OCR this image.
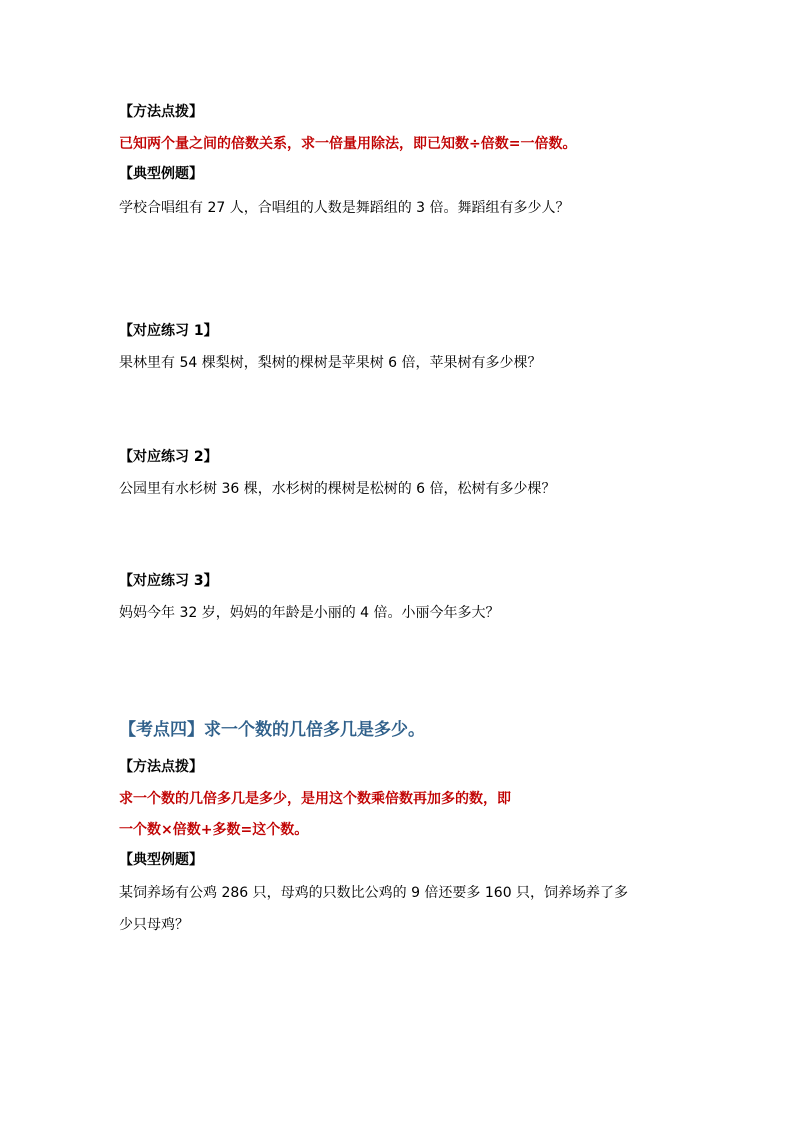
【方法点拨】

已知两个量之间的倍数关系，求一倍量用除法，即已知数÷倍数=一倍数。

【典型例题】

学校合唱组有 27 人，合唱组的人数是舞蹈组的 3 倍。舞蹈组有多少人？

【对应练习 1】

果林里有 54 棵梨树，梨树的棵树是苹果树 6 倍，苹果树有多少棵？

【对应练习 2】

公园里有水杉树 36 棵，水杉树的棵树是松树的 6 倍，松树有多少棵？

【对应练习 3】

妈妈今年 32 岁，妈妈的年龄是小丽的 4 倍。小丽今年多大？

【考点四】求一个数的几倍多几是多少。

【方法点拨】

求一个数的几倍多几是多少，是用这个数乘倍数再加多的数，即

一个数×倍数+多数=这个数。

【典型例题】

某饲养场有公鸡 286 只，母鸡的只数比公鸡的 9 倍还要多 160 只，饲养场养了多

少只母鸡？
